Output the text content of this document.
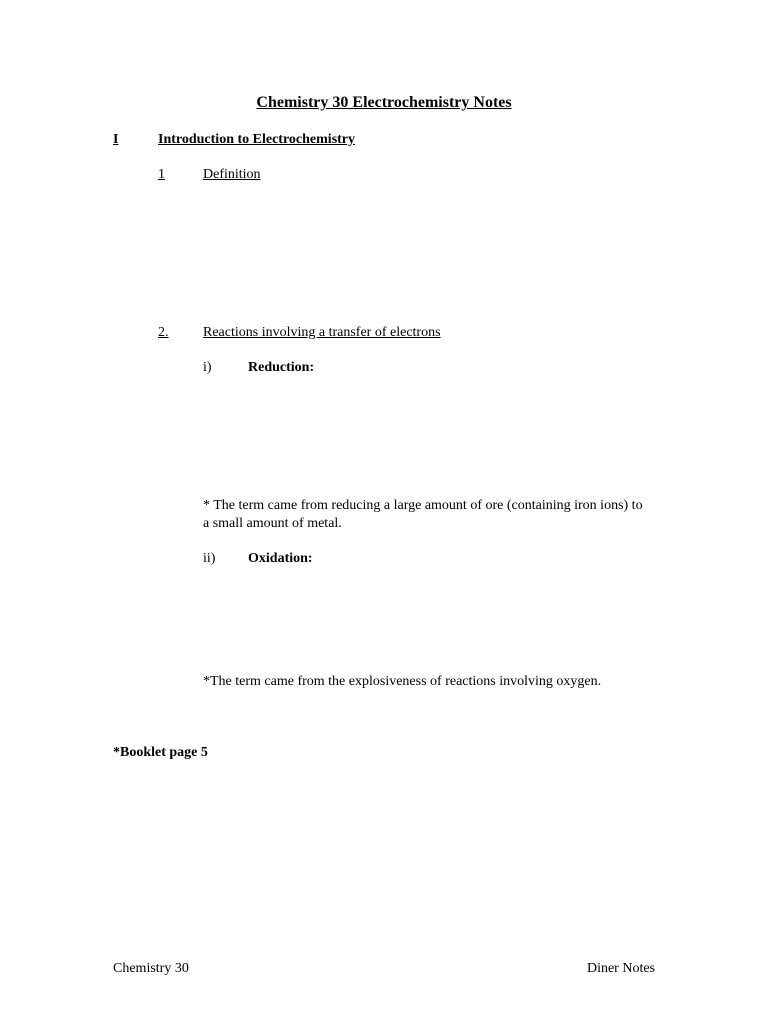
Chemistry 30 Electrochemistry Notes
I	Introduction to Electrochemistry
1	Definition
2. Reactions involving a transfer of electrons
i)	Reduction:
* The term came from reducing a large amount of ore (containing iron ions) to a small amount of metal.
ii) Oxidation:
*The term came from the explosiveness of reactions involving oxygen.
*Booklet page 5
Chemistry 30	Diner Notes
